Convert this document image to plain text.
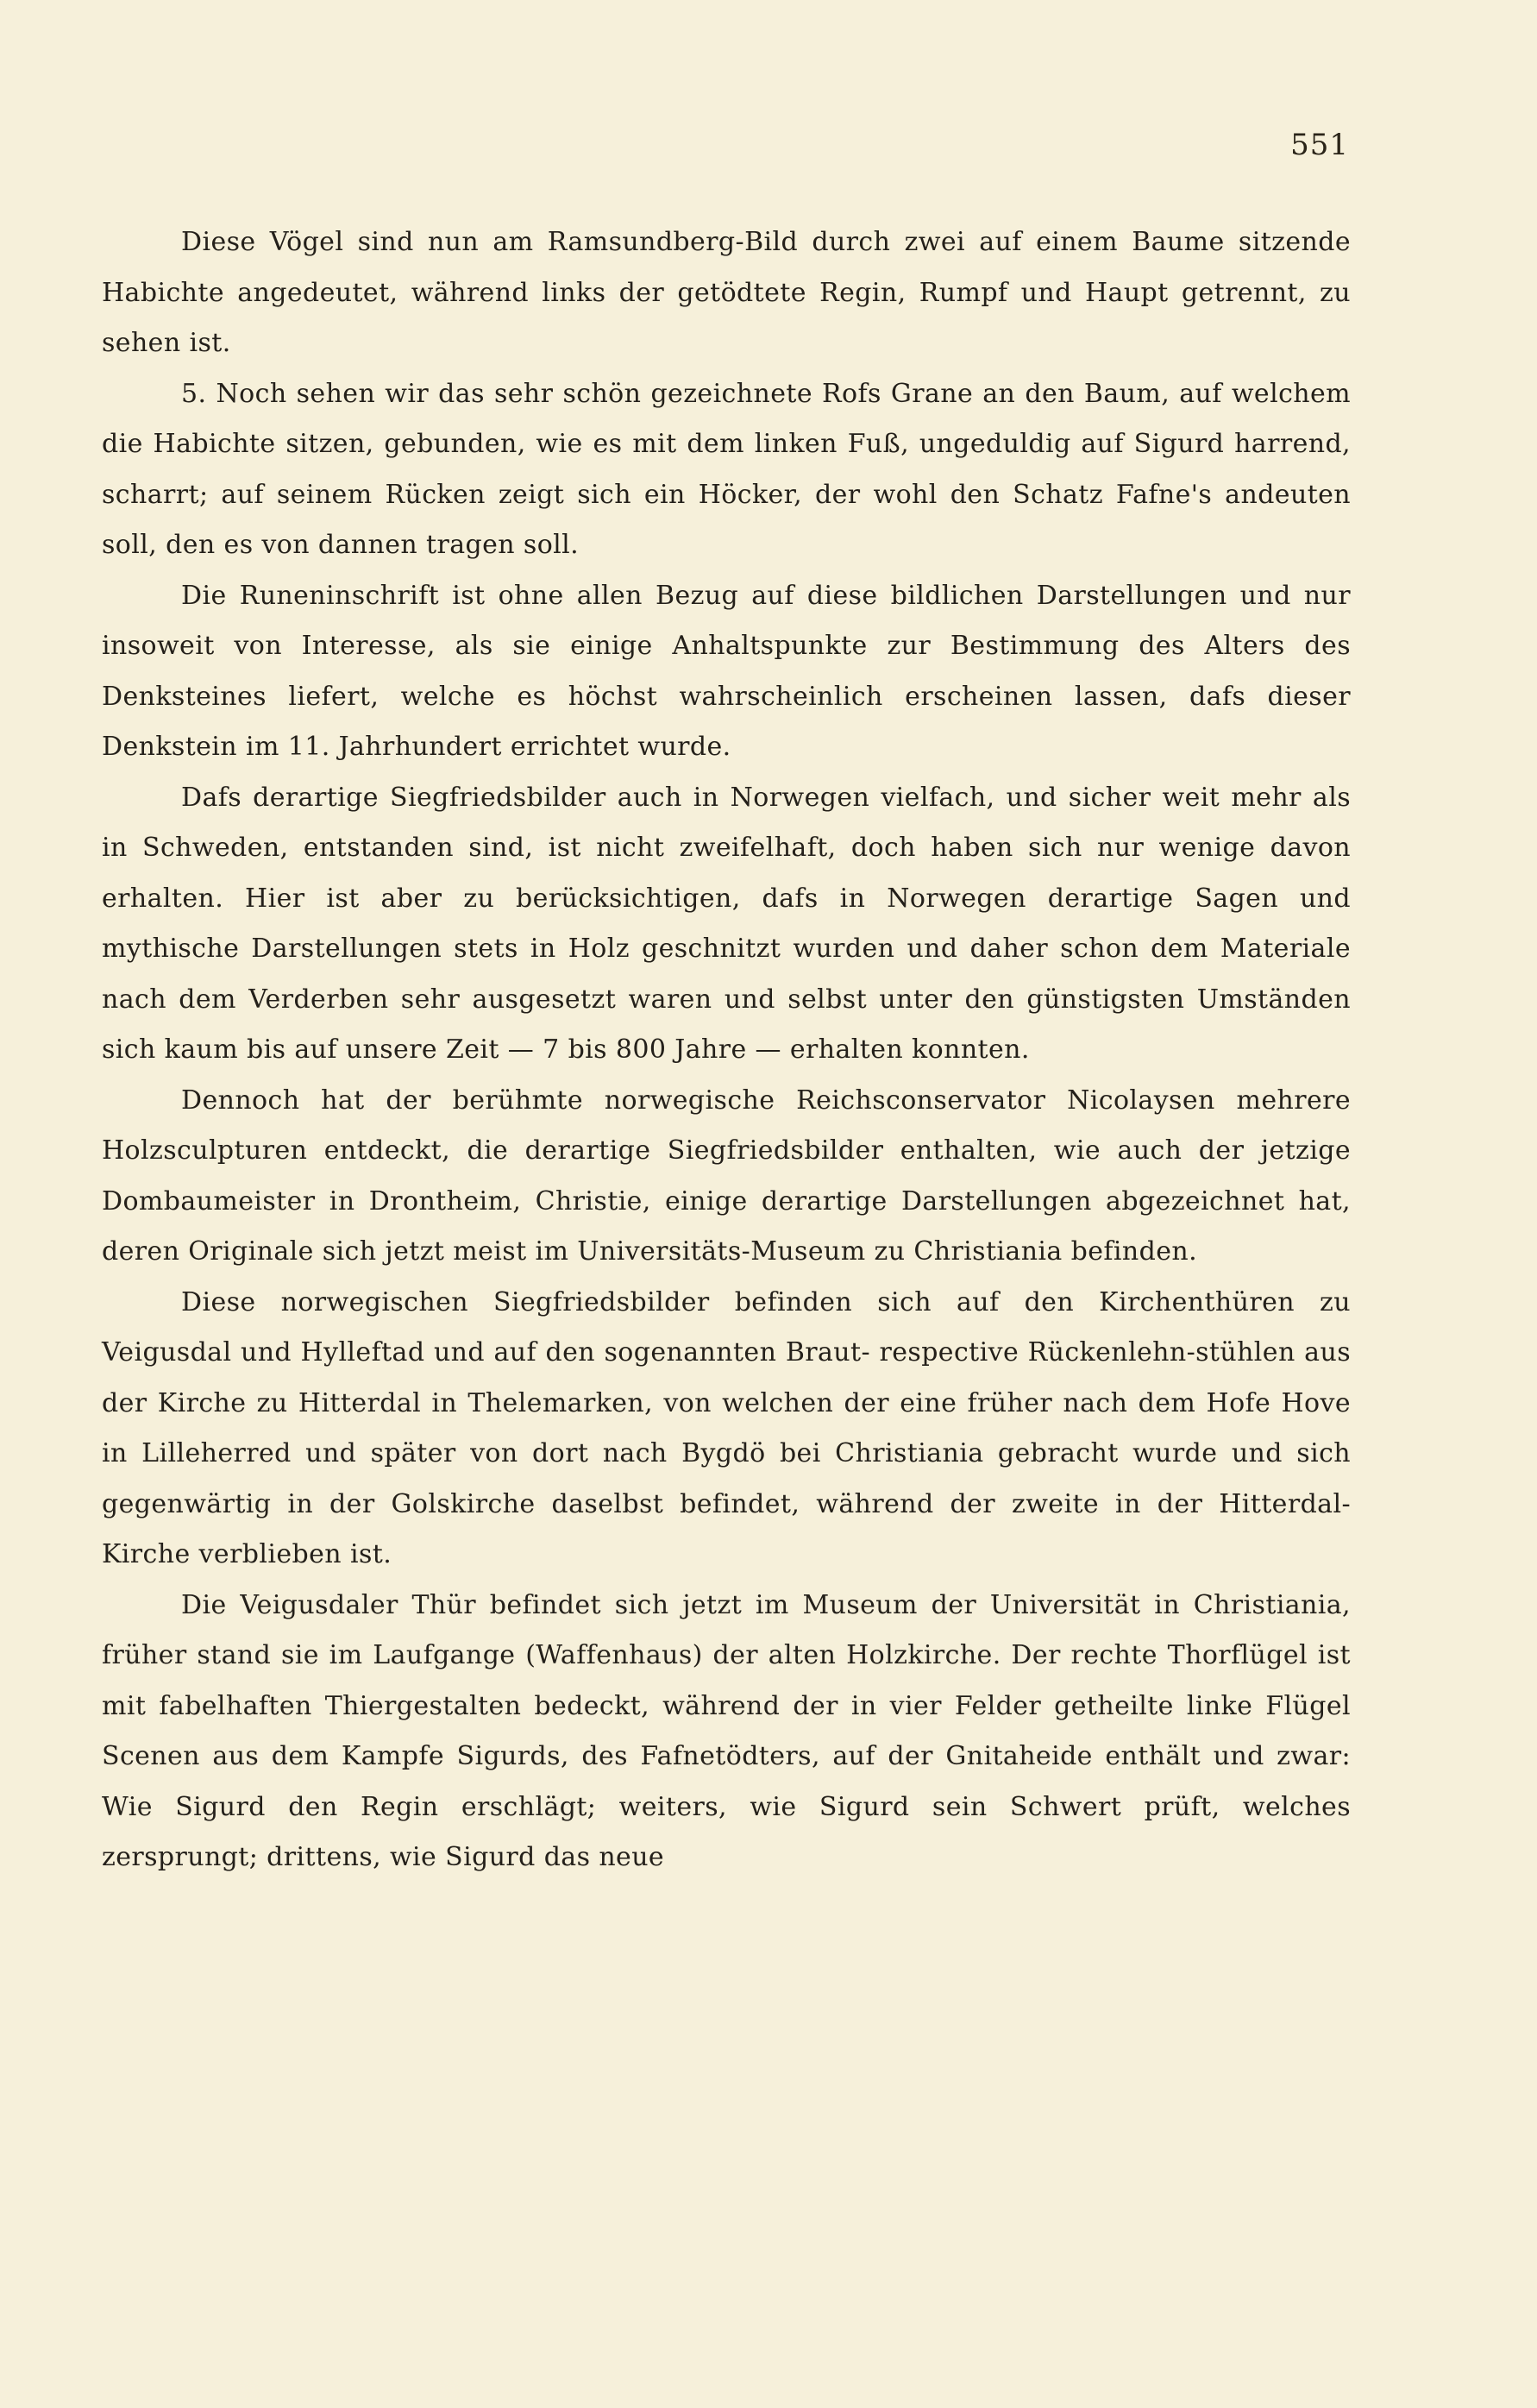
551

Diese Vögel sind nun am Ramsundberg-Bild durch zwei auf einem Baume sitzende Habichte angedeutet, während links der getödtete Regin, Rumpf und Haupt getrennt, zu sehen ist.

5. Noch sehen wir das sehr schön gezeichnete Rofs Grane an den Baum, auf welchem die Habichte sitzen, gebunden, wie es mit dem linken Fuß, ungeduldig auf Sigurd harrend, scharrt; auf seinem Rücken zeigt sich ein Höcker, der wohl den Schatz Fafne's andeuten soll, den es von dannen tragen soll.

Die Runeninschrift ist ohne allen Bezug auf diese bildlichen Darstellungen und nur insoweit von Interesse, als sie einige Anhaltspunkte zur Bestimmung des Alters des Denksteines liefert, welche es höchst wahrscheinlich erscheinen lassen, dafs dieser Denkstein im 11. Jahrhundert errichtet wurde.

Dafs derartige Siegfriedsbilder auch in Norwegen vielfach, und sicher weit mehr als in Schweden, entstanden sind, ist nicht zweifelhaft, doch haben sich nur wenige davon erhalten. Hier ist aber zu berücksichtigen, dafs in Norwegen derartige Sagen und mythische Darstellungen stets in Holz geschnitzt wurden und daher schon dem Materiale nach dem Verderben sehr ausgesetzt waren und selbst unter den günstigsten Umständen sich kaum bis auf unsere Zeit — 7 bis 800 Jahre — erhalten konnten.

Dennoch hat der berühmte norwegische Reichsconservator Nicolaysen mehrere Holzsculpturen entdeckt, die derartige Siegfriedsbilder enthalten, wie auch der jetzige Dombaumeister in Drontheim, Christie, einige derartige Darstellungen abgezeichnet hat, deren Originale sich jetzt meist im Universitäts-Museum zu Christiania befinden.

Diese norwegischen Siegfriedsbilder befinden sich auf den Kirchenthüren zu Veigusdal und Hylleftad und auf den sogenannten Braut- respective Rückenlehn-stühlen aus der Kirche zu Hitterdal in Thelemarken, von welchen der eine früher nach dem Hofe Hove in Lilleherred und später von dort nach Bygdö bei Christiania gebracht wurde und sich gegenwärtig in der Golskirche daselbst befindet, während der zweite in der Hitterdal-Kirche verblieben ist.

Die Veigusdaler Thür befindet sich jetzt im Museum der Universität in Christiania, früher stand sie im Laufgange (Waffenhaus) der alten Holzkirche. Der rechte Thorflügel ist mit fabelhaften Thiergestalten bedeckt, während der in vier Felder getheilte linke Flügel Scenen aus dem Kampfe Sigurds, des Fafnetödters, auf der Gnitaheide enthält und zwar: Wie Sigurd den Regin erschlägt; weiters, wie Sigurd sein Schwert prüft, welches zersprungt; drittens, wie Sigurd das neue
